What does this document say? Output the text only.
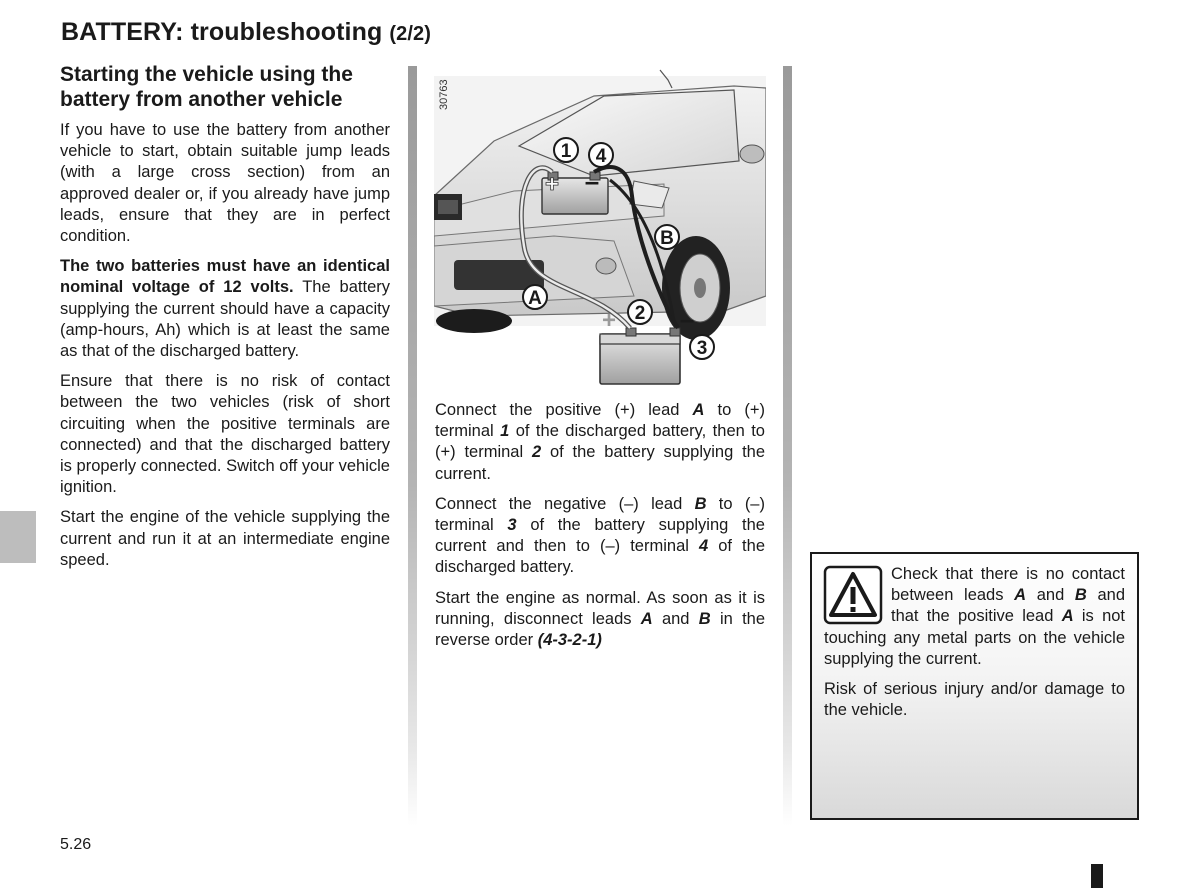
BATTERY: troubleshooting (2/2)
Starting the vehicle using the battery from another vehicle

If you have to use the battery from another vehicle to start, obtain suitable jump leads (with a large cross section) from an approved dealer or, if you already have jump leads, ensure that they are in perfect condition.

The two batteries must have an identical nominal voltage of 12 volts. The battery supplying the current should have a capacity (amp-hours, Ah) which is at least the same as that of the discharged battery.

Ensure that there is no risk of contact between the two vehicles (risk of short circuiting when the positive terminals are connected) and that the discharged battery is properly connected. Switch off your vehicle ignition.

Start the engine of the vehicle supplying the current and run it at an intermediate engine speed.

1 4
B
A
2
3
+ –
+ –
30763

Connect the positive (+) lead A to (+) terminal 1 of the discharged battery, then to (+) terminal 2 of the battery supplying the current.

Connect the negative (–) lead B to (–) terminal 3 of the battery supplying the current and then to (–) terminal 4 of the discharged battery.

Start the engine as normal. As soon as it is running, disconnect leads A and B in the reverse order (4-3-2-1)

Check that there is no contact between leads A and B and that the positive lead A is not touching any metal parts on the vehicle supplying the current.

Risk of serious injury and/or damage to the vehicle.

5.26
